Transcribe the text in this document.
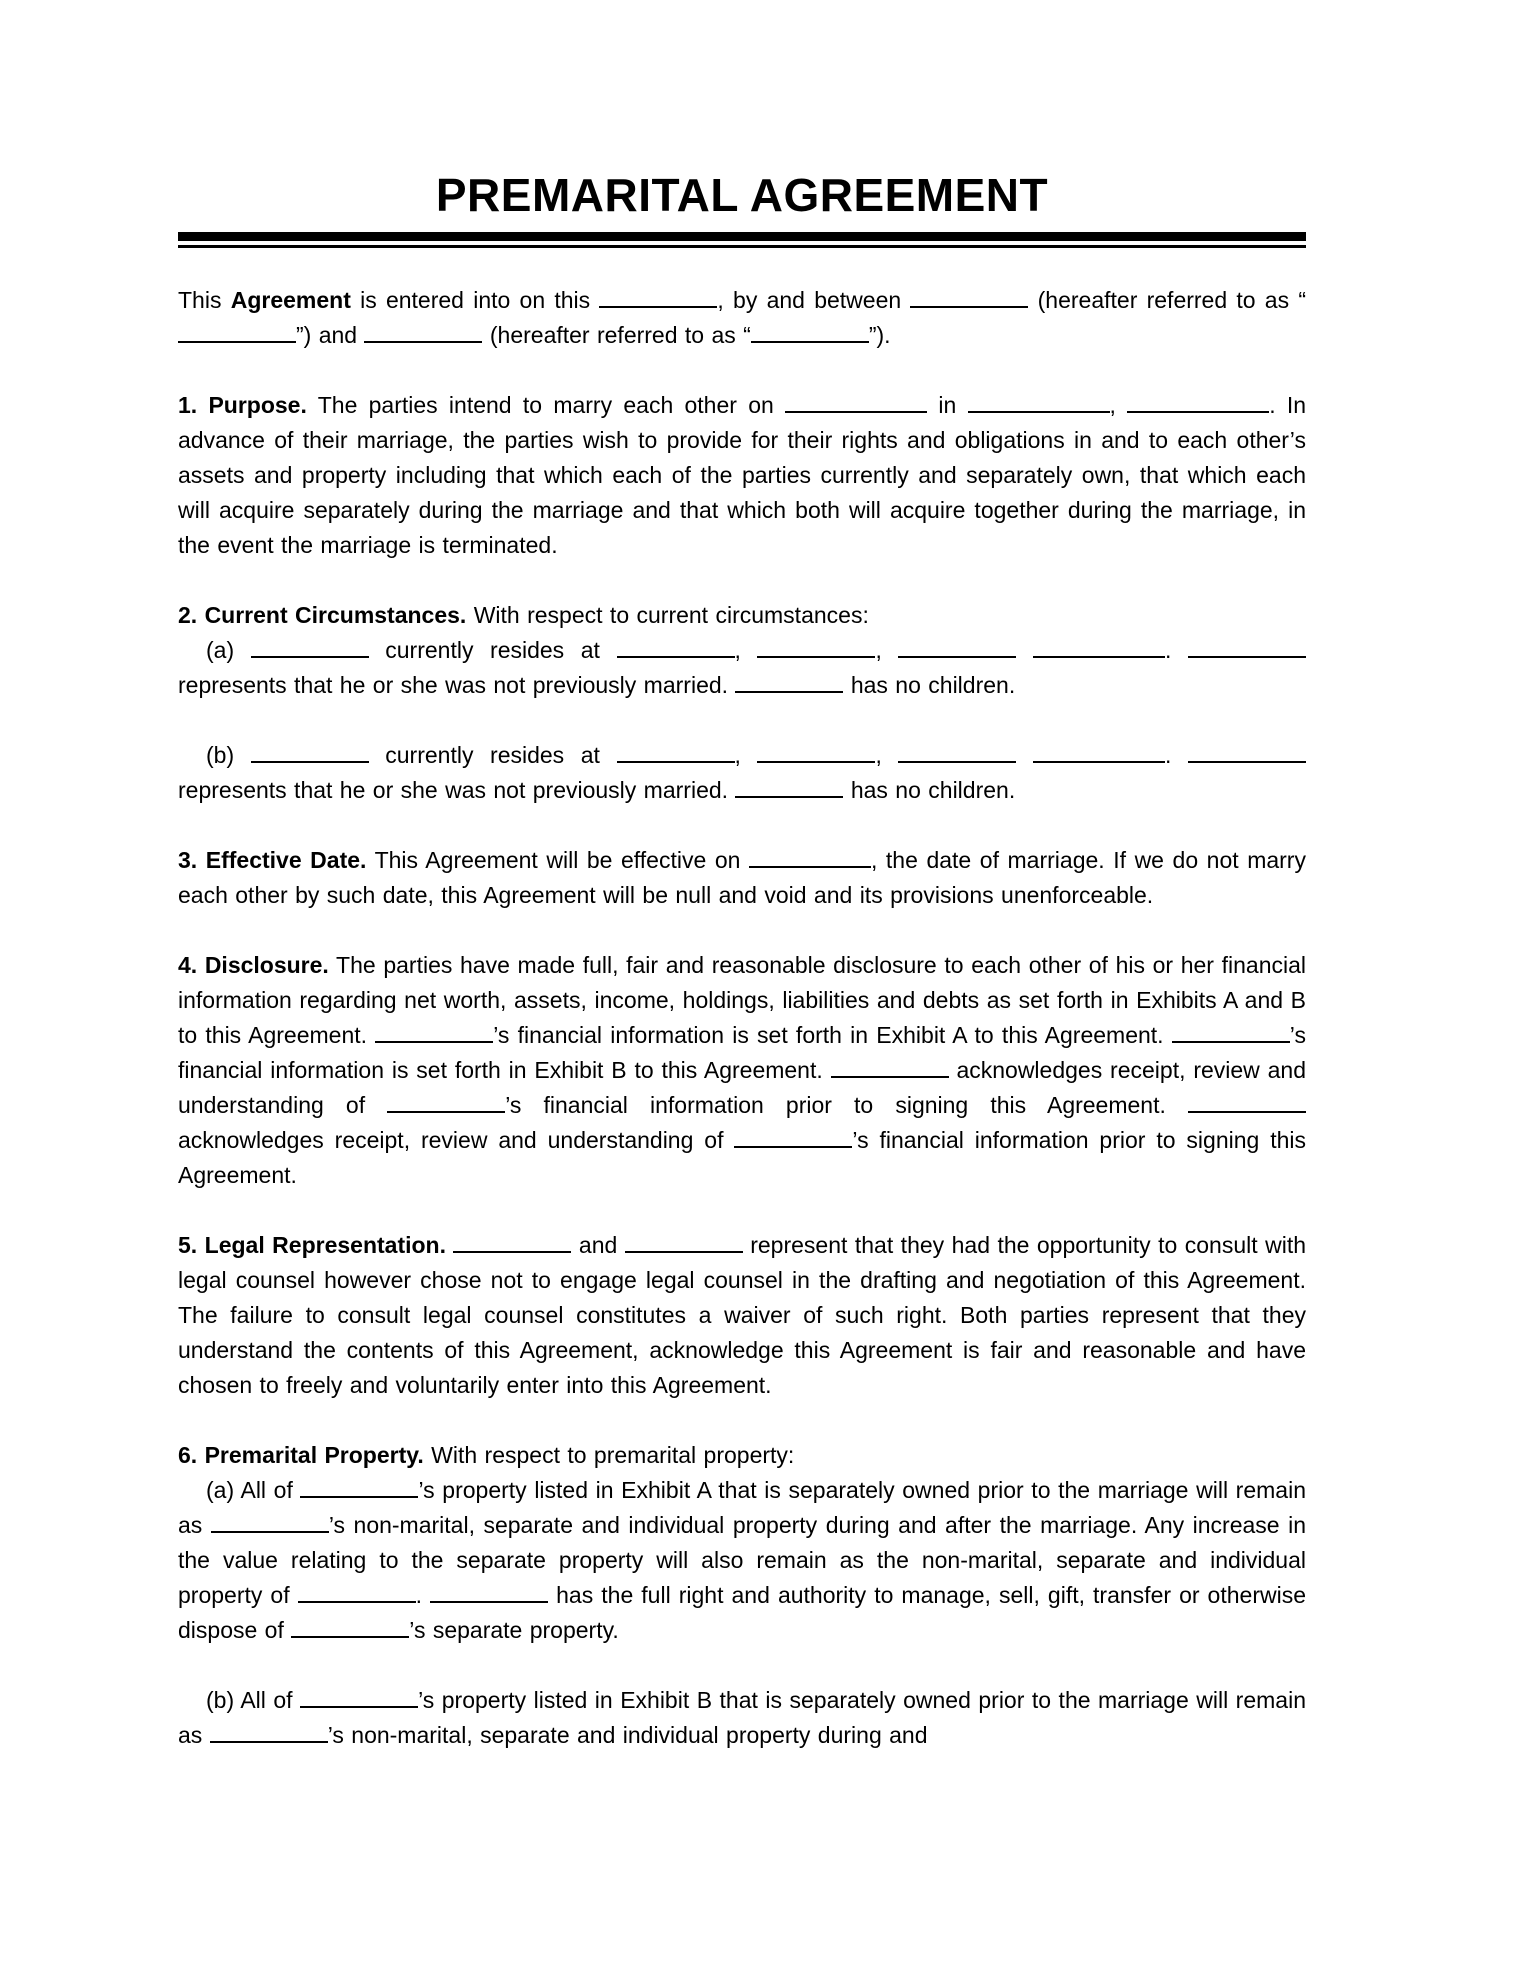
PREMARITAL AGREEMENT

This Agreement is entered into on this	, by and between	(hereafter referred to as “”) and	(hereafter referred to as “	”).

1. Purpose. The parties intend to marry each other on	in	,	. In advance of their marriage, the parties wish to provide for their rights and obligations in and to each other’s assets and property including that which each of the parties currently and separately own, that which each will acquire separately during the marriage and that which both will acquire together during the marriage, in the event the marriage is terminated.

2. Current Circumstances. With respect to current circumstances:

(a)	currently resides at	,	,	.  represents that he or she was not previously married.	has no children.

(b)	currently resides at	,	,	.  represents that he or she was not previously married.	has no children.

3. Effective Date. This Agreement will be effective on	, the date of marriage. If we do not marry each other by such date, this Agreement will be null and void and its provisions unenforceable.

4. Disclosure. The parties have made full, fair and reasonable disclosure to each other of his or her financial information regarding net worth, assets, income, holdings, liabilities and debts as set forth in Exhibits A and B to this Agreement.	’s financial information is set forth in Exhibit A to this Agreement.	’s financial information is set forth in Exhibit B to this Agreement.	acknowledges receipt, review and understanding of	’s financial information prior to signing this Agreement.  acknowledges receipt, review and understanding of	’s financial information prior to signing this Agreement.

5. Legal Representation.	and	represent that they had the opportunity to consult with legal counsel however chose not to engage legal counsel in the drafting and negotiation of this Agreement. The failure to consult legal counsel constitutes a waiver of such right. Both parties represent that they understand the contents of this Agreement, acknowledge this Agreement is fair and reasonable and have chosen to freely and voluntarily enter into this Agreement.

6. Premarital Property. With respect to premarital property:

(a) All of	’s property listed in Exhibit A that is separately owned prior to the marriage will remain as	’s non-marital, separate and individual property during and after the marriage. Any increase in the value relating to the separate property will also remain as the non-marital, separate and individual property of	.	has the full right and authority to manage, sell, gift, transfer or otherwise dispose of	’s separate property.

(b) All of	’s property listed in Exhibit B that is separately owned prior to the marriage will remain as	’s non-marital, separate and individual property during and
